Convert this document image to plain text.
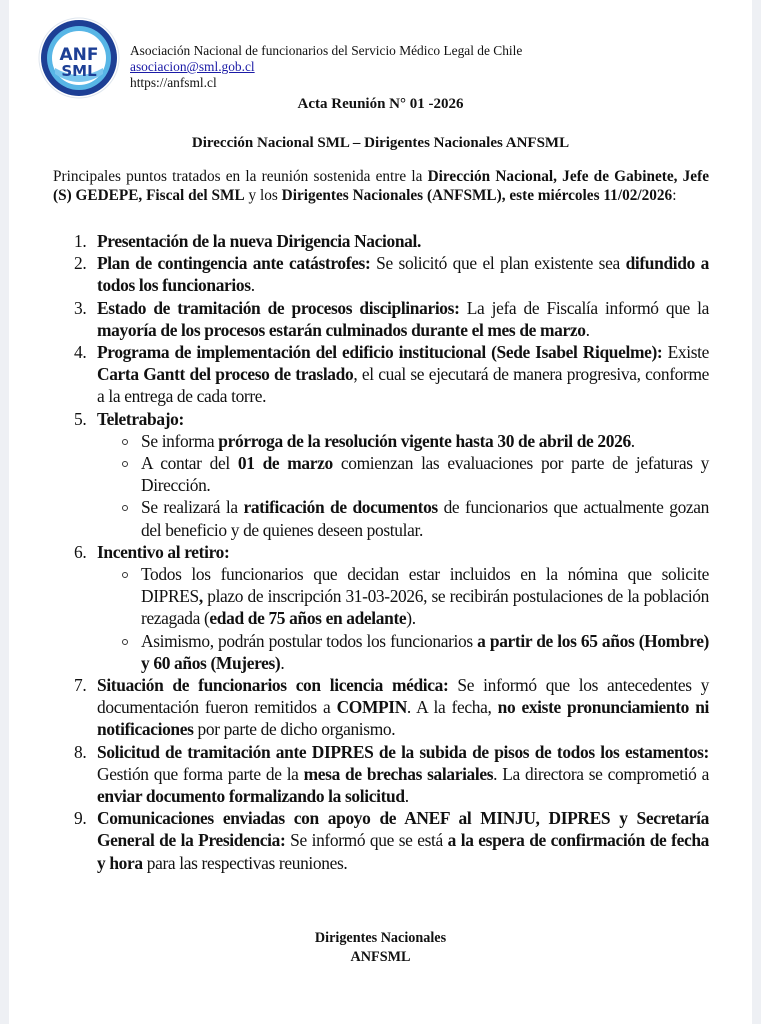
ANF
SML
Asociación Nacional de funcionarios del Servicio Médico Legal de Chile
asociacion@sml.gob.cl
https://anfsml.cl
Acta Reunión N° 01 -2026
Dirección Nacional SML – Dirigentes Nacionales ANFSML
Principales puntos tratados en la reunión sostenida entre la Dirección Nacional, Jefe de Gabinete, Jefe (S) GEDEPE, Fiscal del SML y los Dirigentes Nacionales (ANFSML), este miércoles 11/02/2026:
1. Presentación de la nueva Dirigencia Nacional.
2. Plan de contingencia ante catástrofes: Se solicitó que el plan existente sea difundido a todos los funcionarios.
3. Estado de tramitación de procesos disciplinarios: La jefa de Fiscalía informó que la mayoría de los procesos estarán culminados durante el mes de marzo.
4. Programa de implementación del edificio institucional (Sede Isabel Riquelme): Existe Carta Gantt del proceso de traslado, el cual se ejecutará de manera progresiva, conforme a la entrega de cada torre.
5. Teletrabajo:
Se informa prórroga de la resolución vigente hasta 30 de abril de 2026.
A contar del 01 de marzo comienzan las evaluaciones por parte de jefaturas y Dirección.
Se realizará la ratificación de documentos de funcionarios que actualmente gozan del beneficio y de quienes deseen postular.
6. Incentivo al retiro:
Todos los funcionarios que decidan estar incluidos en la nómina que solicite DIPRES, plazo de inscripción 31-03-2026, se recibirán postulaciones de la población rezagada (edad de 75 años en adelante).
Asimismo, podrán postular todos los funcionarios a partir de los 65 años (Hombre) y 60 años (Mujeres).
7. Situación de funcionarios con licencia médica: Se informó que los antecedentes y documentación fueron remitidos a COMPIN. A la fecha, no existe pronunciamiento ni notificaciones por parte de dicho organismo.
8. Solicitud de tramitación ante DIPRES de la subida de pisos de todos los estamentos: Gestión que forma parte de la mesa de brechas salariales. La directora se comprometió a enviar documento formalizando la solicitud.
9. Comunicaciones enviadas con apoyo de ANEF al MINJU, DIPRES y Secretaría General de la Presidencia: Se informó que se está a la espera de confirmación de fecha y hora para las respectivas reuniones.
Dirigentes Nacionales
ANFSML
